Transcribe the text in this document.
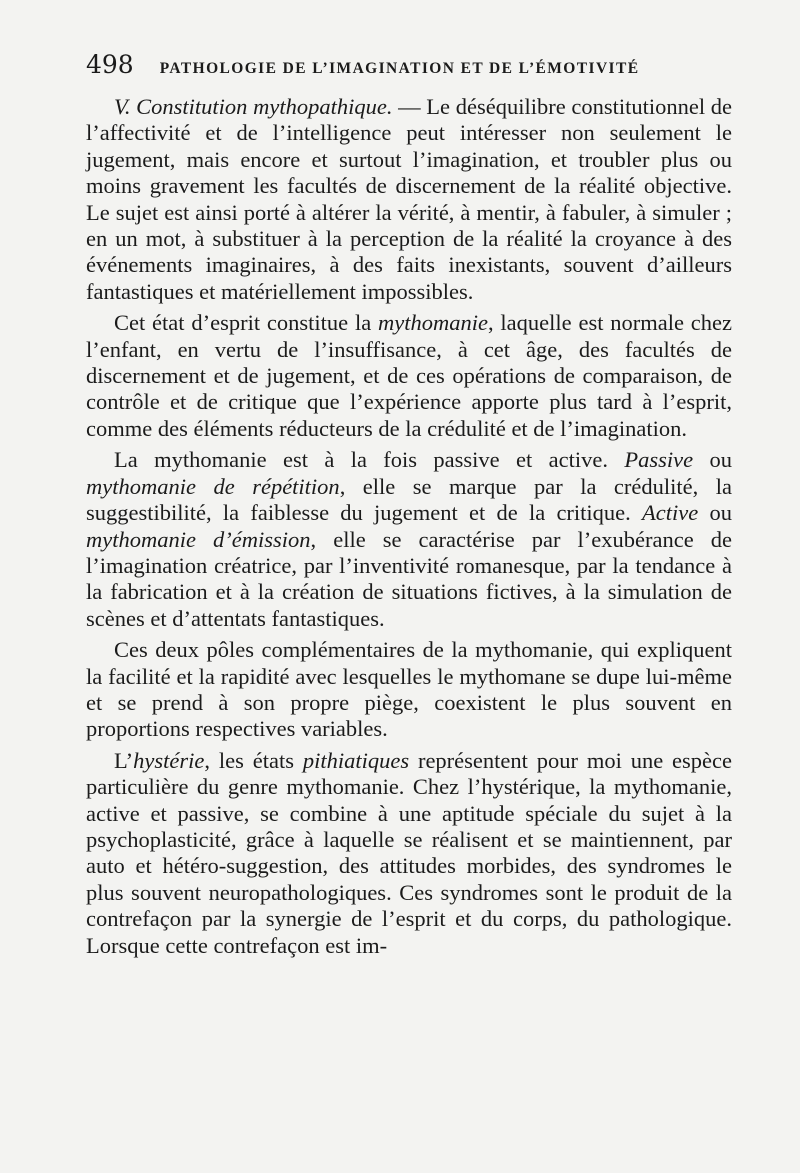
498 PATHOLOGIE DE L’IMAGINATION ET DE L’ÉMOTIVITÉ

V. Constitution mythopathique. — Le déséquilibre constitutionnel de l’affectivité et de l’intelligence peut intéresser non seulement le jugement, mais encore et surtout l’imagination, et troubler plus ou moins gravement les facultés de discernement de la réalité objective. Le sujet est ainsi porté à altérer la vérité, à mentir, à fabuler, à simuler ; en un mot, à substituer à la perception de la réalité la croyance à des événements imaginaires, à des faits inexistants, souvent d’ailleurs fantastiques et matériellement impossibles.

Cet état d’esprit constitue la mythomanie, laquelle est normale chez l’enfant, en vertu de l’insuffisance, à cet âge, des facultés de discernement et de jugement, et de ces opérations de comparaison, de contrôle et de critique que l’expérience apporte plus tard à l’esprit, comme des éléments réducteurs de la crédulité et de l’imagination.

La mythomanie est à la fois passive et active. Passive ou mythomanie de répétition, elle se marque par la crédulité, la suggestibilité, la faiblesse du jugement et de la critique. Active ou mythomanie d’émission, elle se caractérise par l’exubérance de l’imagination créatrice, par l’inventivité romanesque, par la tendance à la fabrication et à la création de situations fictives, à la simulation de scènes et d’attentats fantastiques.

Ces deux pôles complémentaires de la mythomanie, qui expliquent la facilité et la rapidité avec lesquelles le mythomane se dupe lui-même et se prend à son propre piège, coexistent le plus souvent en proportions respectives variables.

L’hystérie, les états pithiatiques représentent pour moi une espèce particulière du genre mythomanie. Chez l’hystérique, la mythomanie, active et passive, se combine à une aptitude spéciale du sujet à la psychoplasticité, grâce à laquelle se réalisent et se maintiennent, par auto et hétéro-suggestion, des attitudes morbides, des syndromes le plus souvent neuropathologiques. Ces syndromes sont le produit de la contrefaçon par la synergie de l’esprit et du corps, du pathologique. Lorsque cette contrefaçon est im-
